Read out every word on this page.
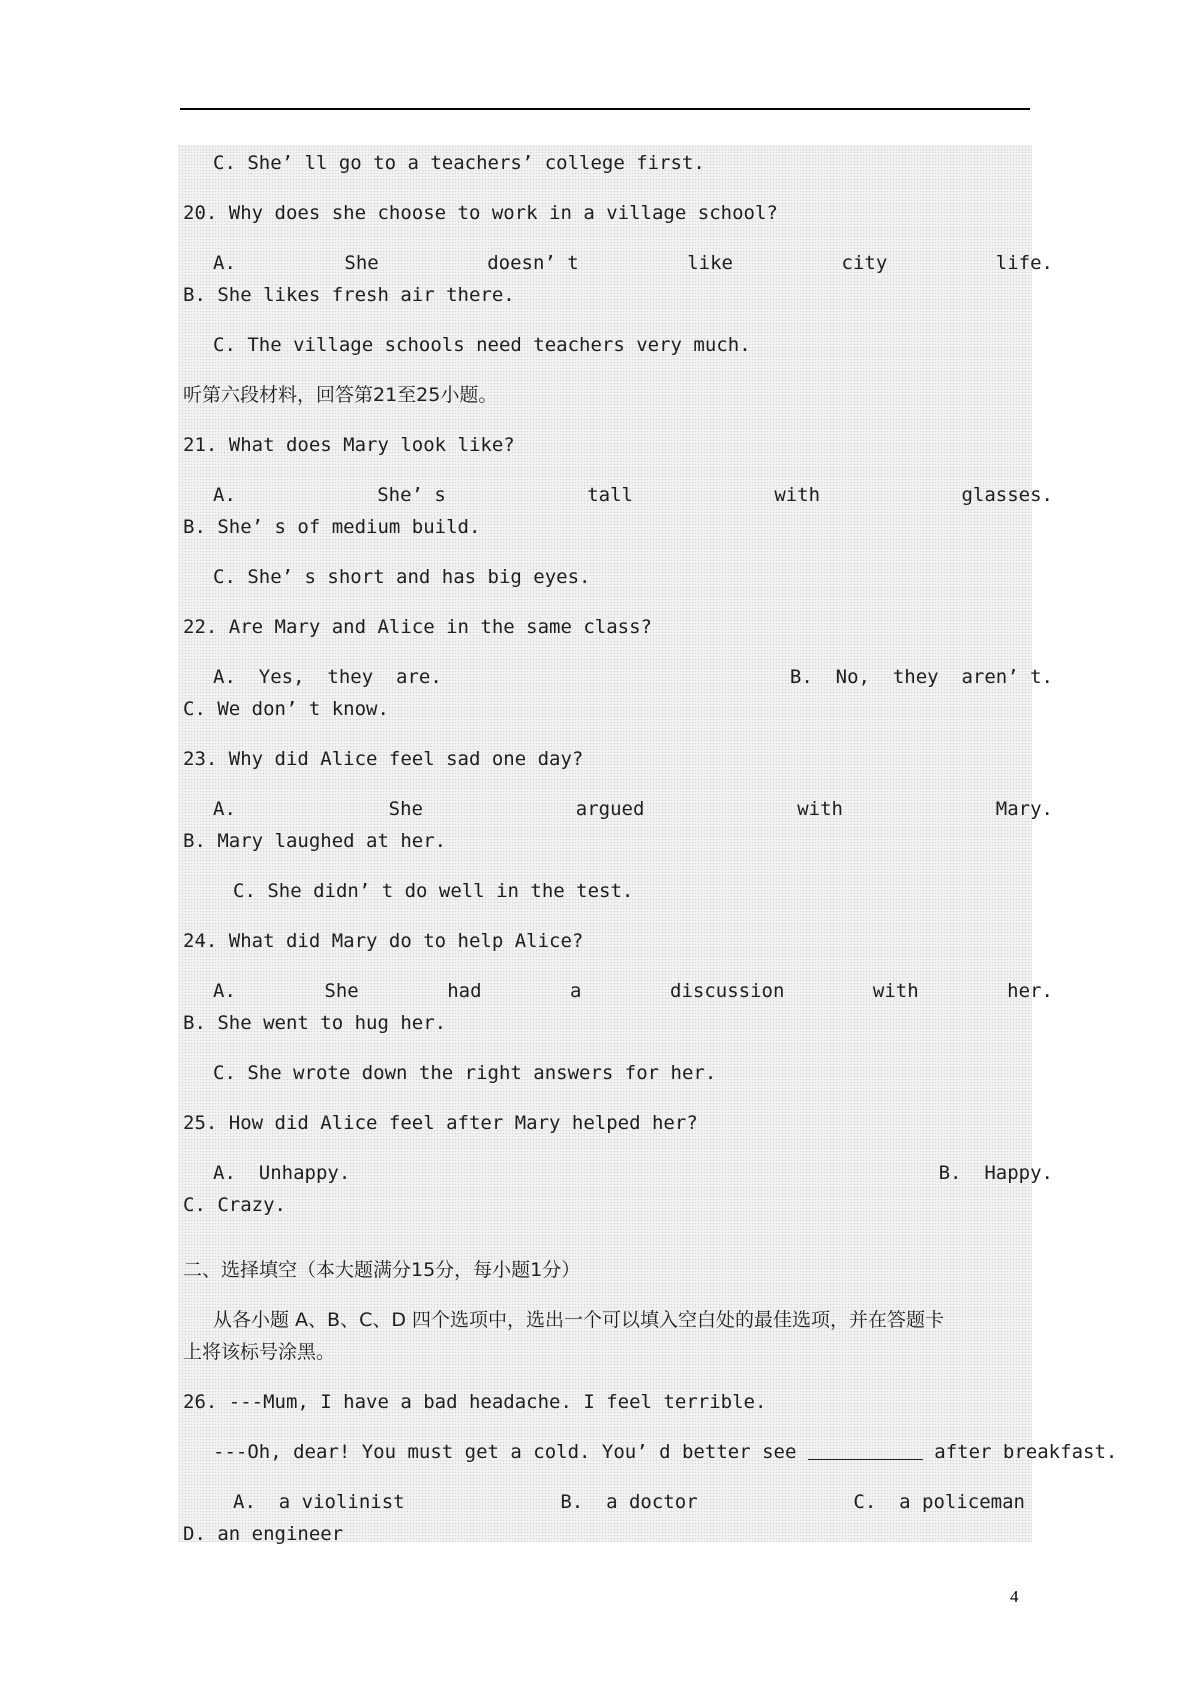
C. She’ ll go to a teachers’ college first.
20. Why does she choose to work in a village school?
A.	She	doesn’ t	like	city	life.
B. She likes fresh air there.
C. The village schools need teachers very much.
听第六段材料，回答第21至25小题。
21. What does Mary look like?
A.	She’ s	tall	with	glasses.
B. She’ s of medium build.
C. She’ s short and has big eyes.
22. Are Mary and Alice in the same class?
A.  Yes,  they  are.	B.  No,  they  aren’ t.
C. We don’ t know.
23. Why did Alice feel sad one day?
A.	She	argued	with	Mary.
B. Mary laughed at her.
C. She didn’ t do well in the test.
24. What did Mary do to help Alice?
A.	She	had	a	discussion	with	her.
B. She went to hug her.
C. She wrote down the right answers for her.
25. How did Alice feel after Mary helped her?
A.  Unhappy.	B.  Happy.
C. Crazy.
二、选择填空（本大题满分15分，每小题1分）
从各小题 A、B、C、D 四个选项中，选出一个可以填入空白处的最佳选项，并在答题卡
上将该标号涂黑。
26. ---Mum, I have a bad headache. I feel terrible.
---Oh, dear! You must get a cold. You’ d better see	after breakfast.
A.  a violinist	B.  a doctor	C.  a policeman
D. an engineer
4
